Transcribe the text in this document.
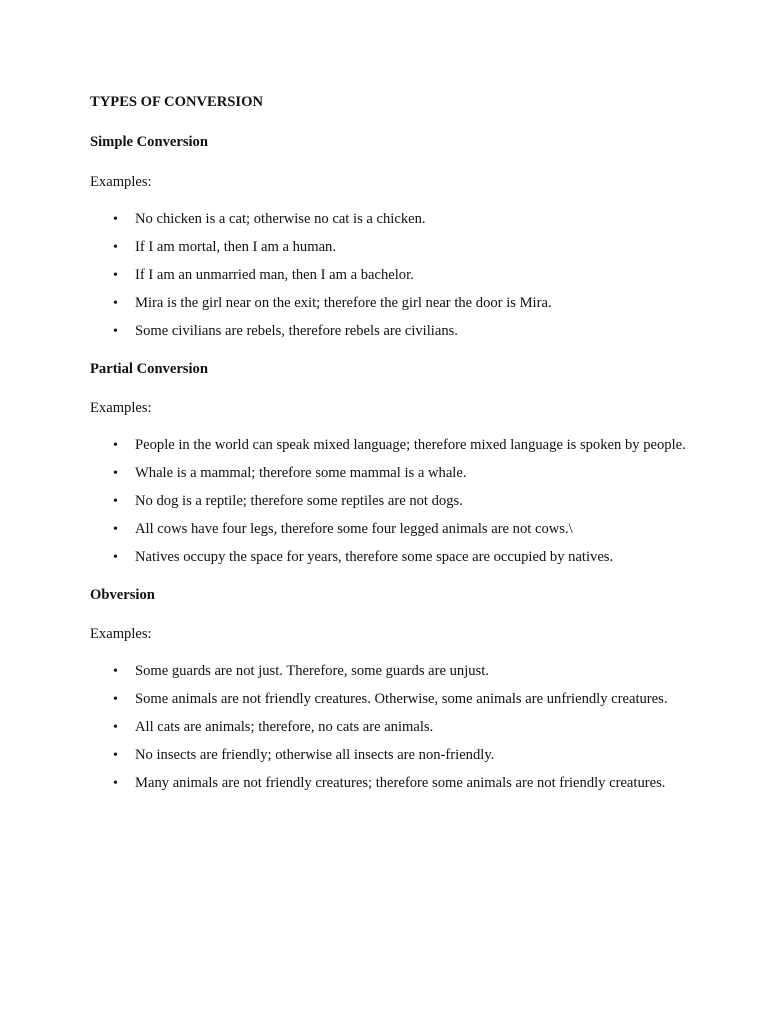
TYPES OF CONVERSION

Simple Conversion

Examples:

• No chicken is a cat; otherwise no cat is a chicken.
• If I am mortal, then I am a human.
• If I am an unmarried man, then I am a bachelor.
• Mira is the girl near on the exit; therefore the girl near the door is Mira.
• Some civilians are rebels, therefore rebels are civilians.

Partial Conversion

Examples:

• People in the world can speak mixed language; therefore mixed language is spoken by people.
• Whale is a mammal; therefore some mammal is a whale.
• No dog is a reptile; therefore some reptiles are not dogs.
• All cows have four legs, therefore some four legged animals are not cows.\
• Natives occupy the space for years, therefore some space are occupied by natives.

Obversion

Examples:

• Some guards are not just. Therefore, some guards are unjust.
• Some animals are not friendly creatures. Otherwise, some animals are unfriendly creatures.
• All cats are animals; therefore, no cats are animals.
• No insects are friendly; otherwise all insects are non-friendly.
• Many animals are not friendly creatures; therefore some animals are not friendly creatures.
